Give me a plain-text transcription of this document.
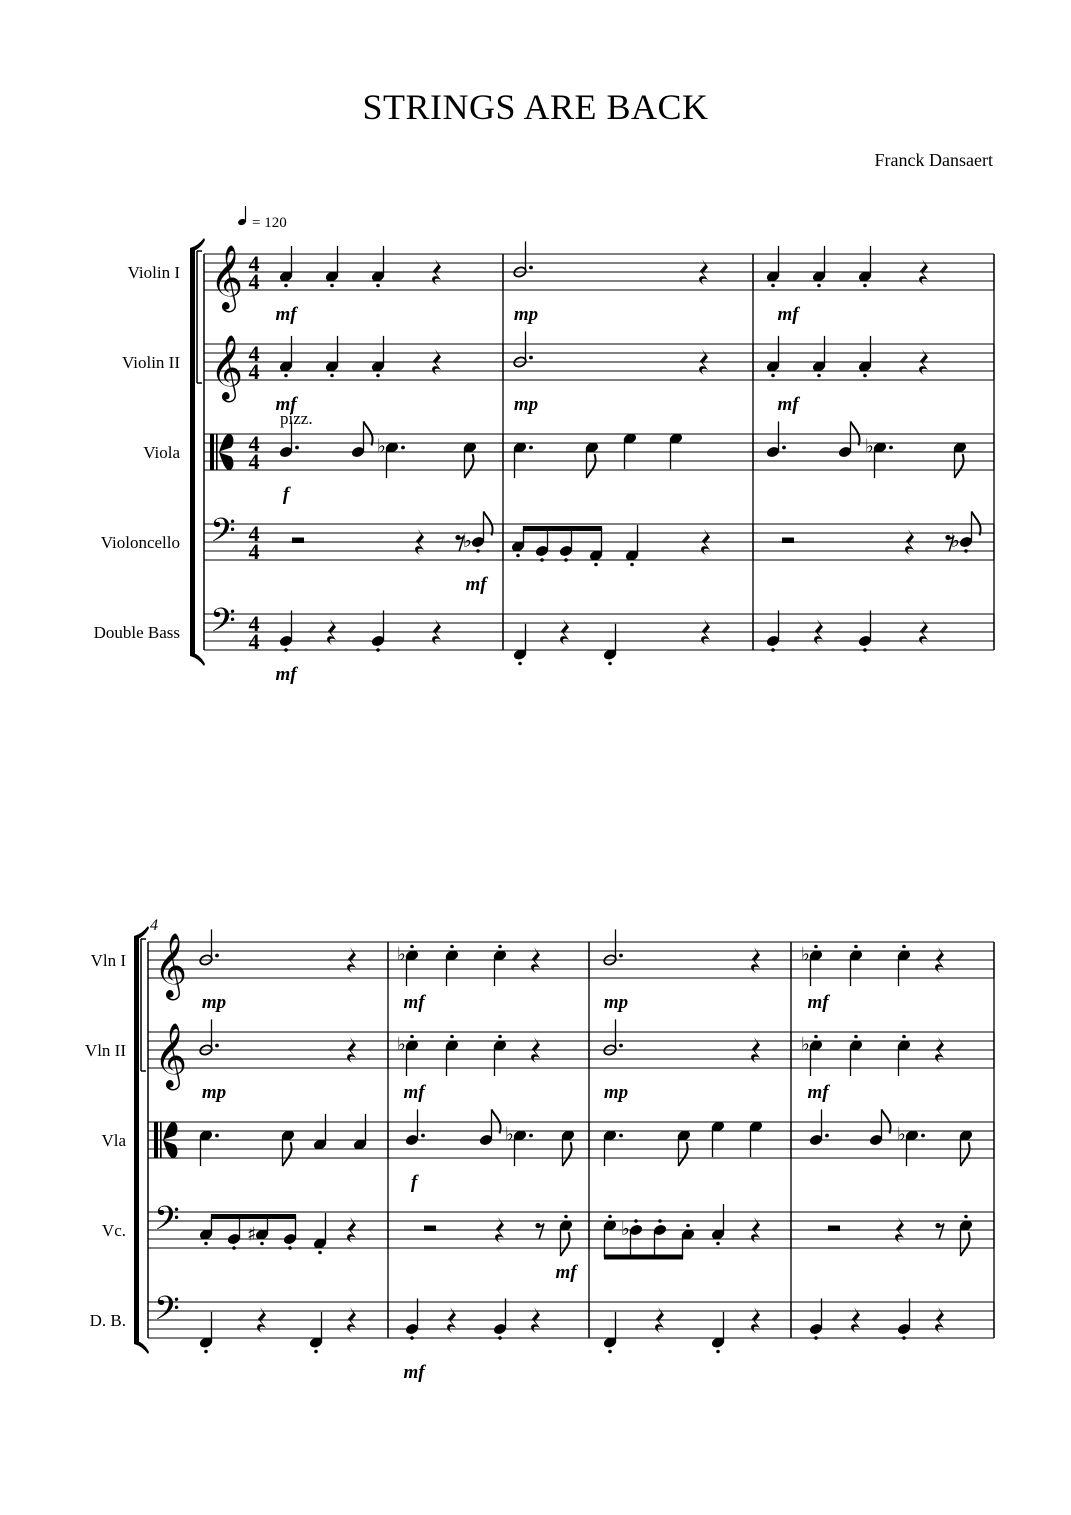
STRINGS ARE BACK
Franck Dansaert
Violin I 𝄞 4
4
Violin II 𝄞 4
4
Viola	4
4
Violoncello 𝄢 4
4
Double Bass 𝄢 4
4
Vln I 𝄞
Vln II 𝄞
Vla
Vc. 𝄢
D. B. 𝄢
4
= 120
mf	mp	mf
mf	mp	mf
pizz.
♭	♭
f
♭
mf
♭
mf
♭	♭
mp	mf	mp	mf
♭	♭
mp	mf	mp	mf
♭	♭
f
♯
mf
♭
mf
